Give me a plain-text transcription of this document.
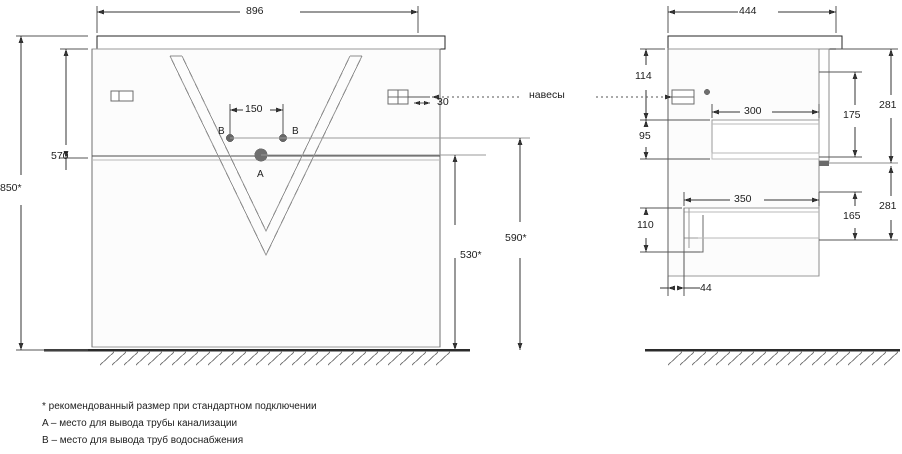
896
150
30
850*
570
530*
590*
B	B
A
навесы
444
114
95
110
300
350
175
165
281
281
44
* рекомендованный размер при стандартном подключении
A – место для вывода трубы канализации
B – место для вывода труб водоснабжения
